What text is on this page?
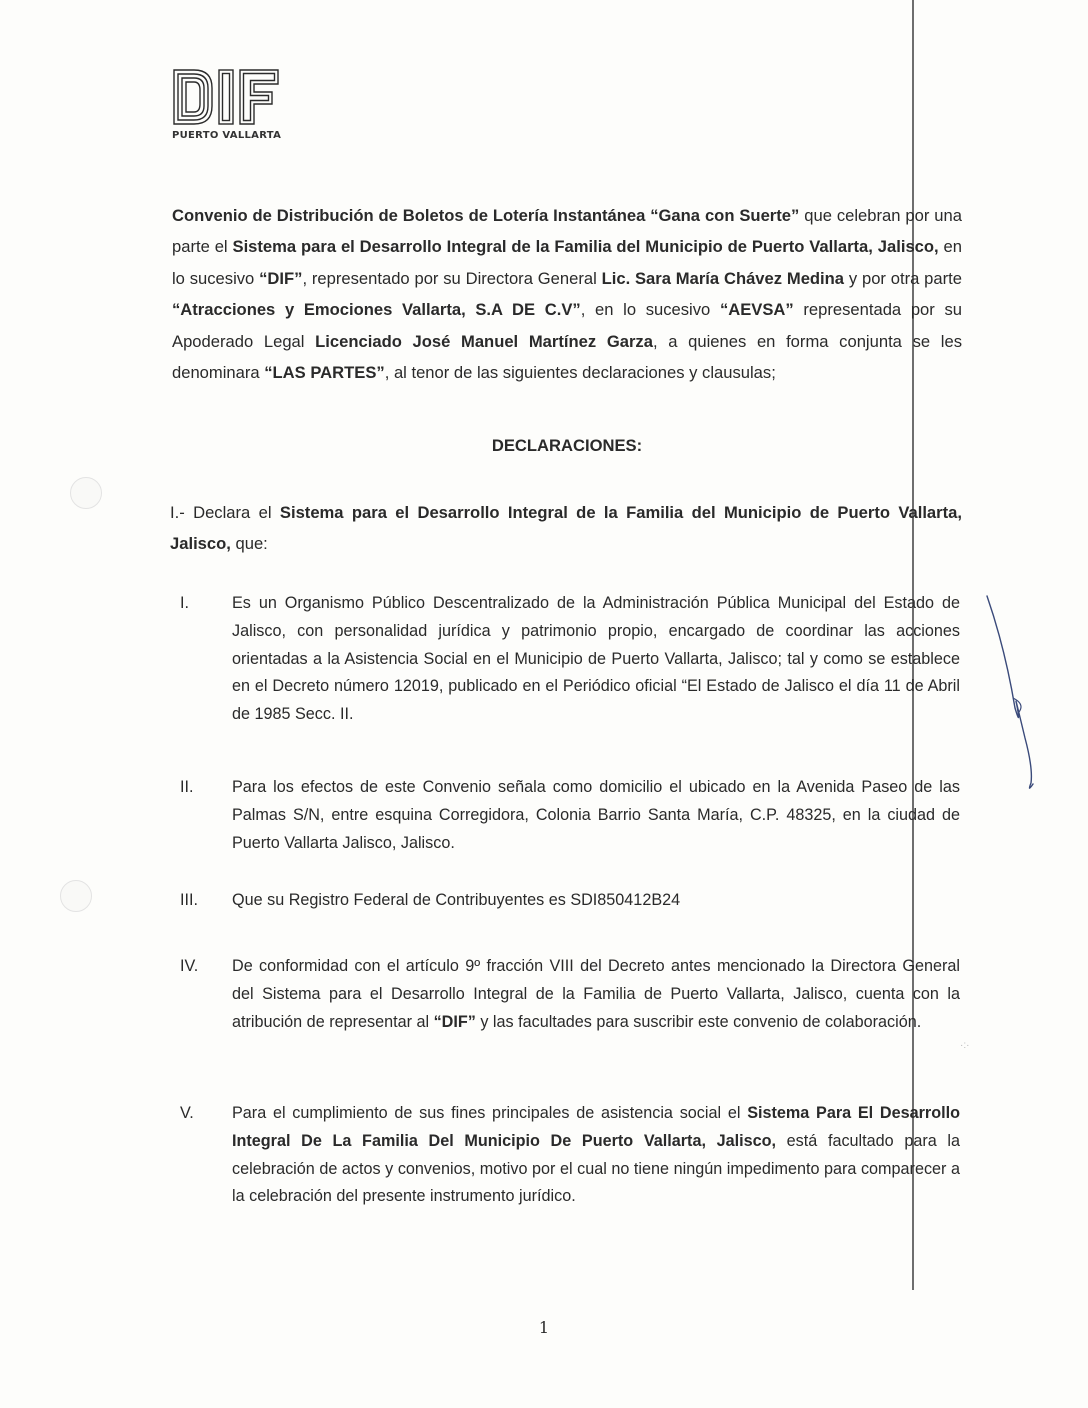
PUERTO VALLARTA
·:·

Convenio de Distribución de Boletos de Lotería Instantánea “Gana con Suerte” que celebran por una parte el Sistema para el Desarrollo Integral de la Familia del Municipio de Puerto Vallarta, Jalisco, en lo sucesivo “DIF”, representado por su Directora General Lic. Sara María Chávez Medina y por otra parte “Atracciones y Emociones Vallarta, S.A DE C.V”, en lo sucesivo “AEVSA” representada por su Apoderado Legal Licenciado José Manuel Martínez Garza, a quienes en forma conjunta se les denominara “LAS PARTES”, al tenor de las siguientes declaraciones y clausulas;

DECLARACIONES:

I.- Declara el Sistema para el Desarrollo Integral de la Familia del Municipio de Puerto Vallarta, Jalisco, que:

I.	Es un Organismo Público Descentralizado de la Administración Pública Municipal del Estado de Jalisco, con personalidad jurídica y patrimonio propio, encargado de coordinar las acciones orientadas a la Asistencia Social en el Municipio de Puerto Vallarta, Jalisco; tal y como se establece en el Decreto número 12019, publicado en el Periódico oficial “El Estado de Jalisco el día 11 de Abril de 1985 Secc. II.
II.	Para los efectos de este Convenio señala como domicilio el ubicado en la Avenida Paseo de las Palmas S/N, entre esquina Corregidora, Colonia Barrio Santa María, C.P. 48325, en la ciudad de Puerto Vallarta Jalisco, Jalisco.
III.	Que su Registro Federal de Contribuyentes es SDI850412B24
IV.	De conformidad con el artículo 9º fracción VIII del Decreto antes mencionado la Directora General del Sistema para el Desarrollo Integral de la Familia de Puerto Vallarta, Jalisco, cuenta con la atribución de representar al “DIF” y las facultades para suscribir este convenio de colaboración.
V.	Para el cumplimiento de sus fines principales de asistencia social el Sistema Para El Desarrollo Integral De La Familia Del Municipio De Puerto Vallarta, Jalisco, está facultado para la celebración de actos y convenios, motivo por el cual no tiene ningún impedimento para comparecer a la celebración del presente instrumento jurídico.
1
